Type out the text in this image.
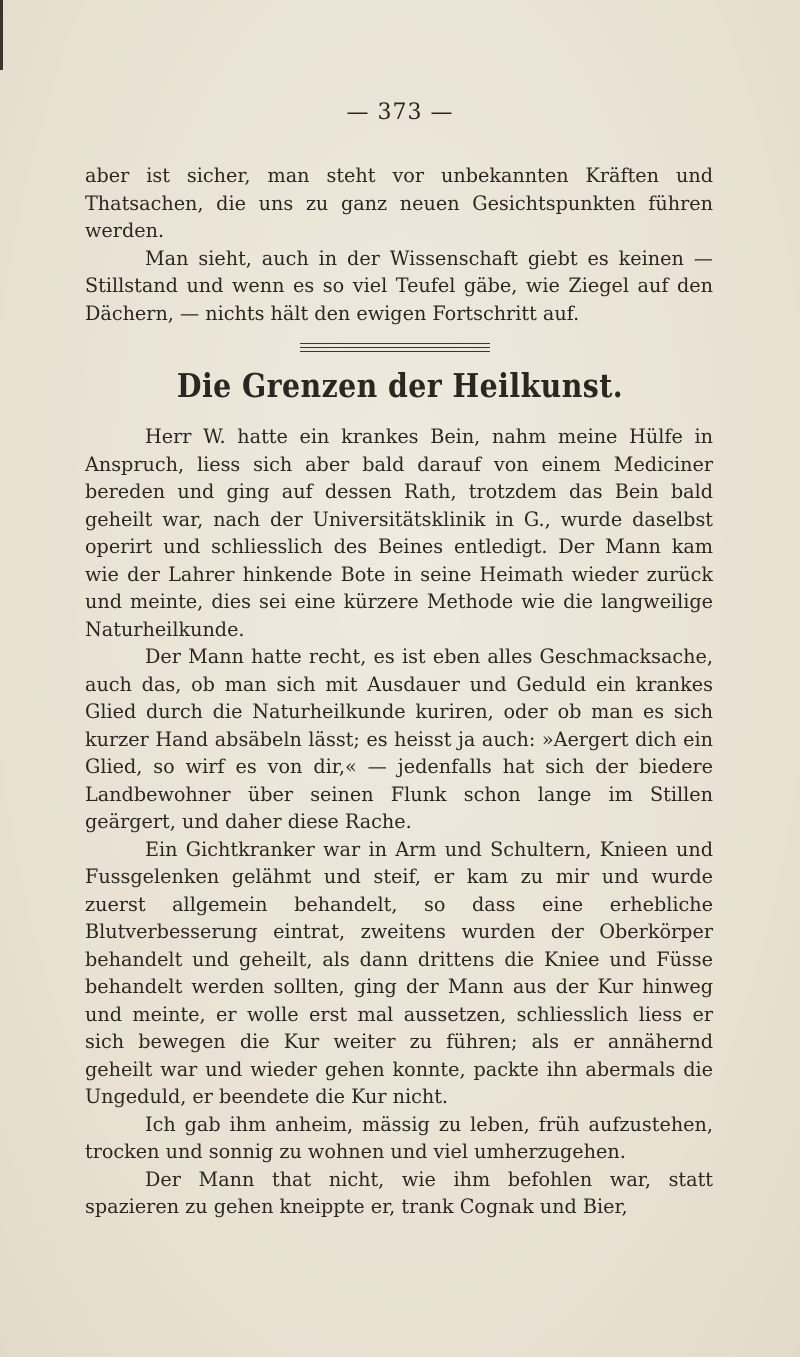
— 373 —

aber ist sicher, man steht vor unbekannten Kräften und Thatsachen, die uns zu ganz neuen Gesichtspunkten führen werden.

Man sieht, auch in der Wissenschaft giebt es keinen — Stillstand und wenn es so viel Teufel gäbe, wie Ziegel auf den Dächern, — nichts hält den ewigen Fortschritt auf.

Die Grenzen der Heilkunst.

Herr W. hatte ein krankes Bein, nahm meine Hülfe in Anspruch, liess sich aber bald darauf von einem Mediciner bereden und ging auf dessen Rath, trotzdem das Bein bald geheilt war, nach der Universitätsklinik in G., wurde daselbst operirt und schliesslich des Beines entledigt. Der Mann kam wie der Lahrer hinkende Bote in seine Heimath wieder zurück und meinte, dies sei eine kürzere Methode wie die langweilige Naturheilkunde.

Der Mann hatte recht, es ist eben alles Geschmacksache, auch das, ob man sich mit Ausdauer und Geduld ein krankes Glied durch die Naturheilkunde kuriren, oder ob man es sich kurzer Hand absäbeln lässt; es heisst ja auch: »Aergert dich ein Glied, so wirf es von dir,« — jedenfalls hat sich der biedere Landbewohner über seinen Flunk schon lange im Stillen geärgert, und daher diese Rache.

Ein Gichtkranker war in Arm und Schultern, Knieen und Fussgelenken gelähmt und steif, er kam zu mir und wurde zuerst allgemein behandelt, so dass eine erhebliche Blutverbesserung eintrat, zweitens wurden der Oberkörper behandelt und geheilt, als dann drittens die Kniee und Füsse behandelt werden sollten, ging der Mann aus der Kur hinweg und meinte, er wolle erst mal aussetzen, schliesslich liess er sich bewegen die Kur weiter zu führen; als er annähernd geheilt war und wieder gehen konnte, packte ihn abermals die Ungeduld, er beendete die Kur nicht.

Ich gab ihm anheim, mässig zu leben, früh aufzustehen, trocken und sonnig zu wohnen und viel umherzugehen.

Der Mann that nicht, wie ihm befohlen war, statt spazieren zu gehen kneippte er, trank Cognak und Bier,
